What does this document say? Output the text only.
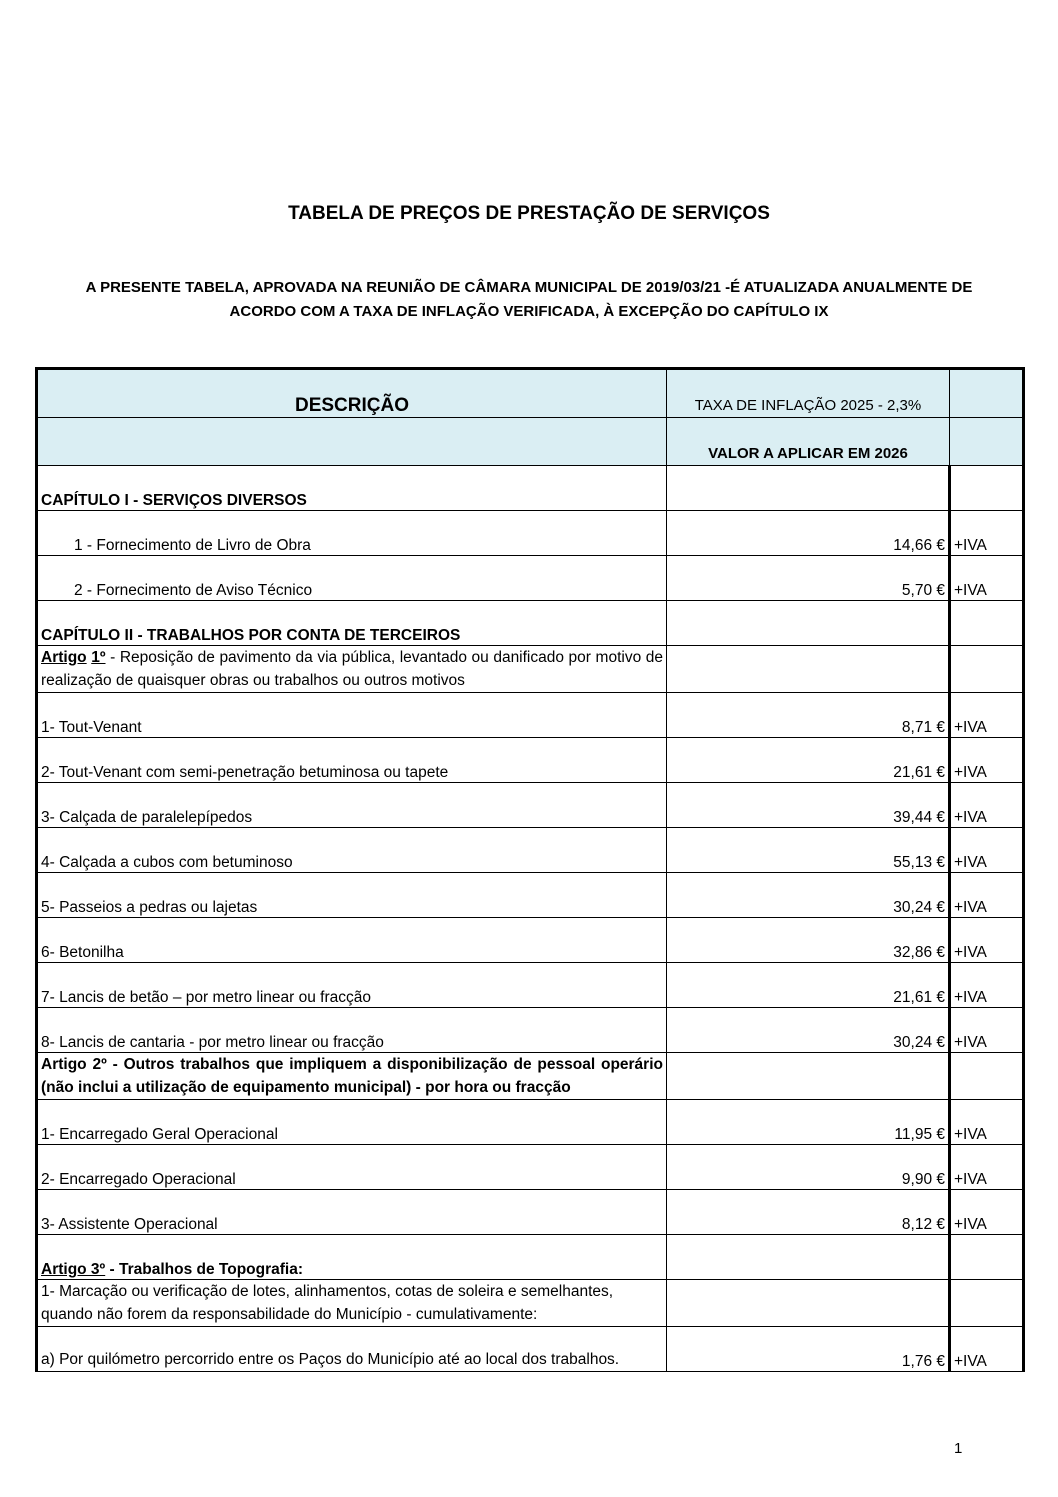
TABELA DE PREÇOS DE PRESTAÇÃO DE SERVIÇOS
A PRESENTE TABELA, APROVADA NA REUNIÃO DE CÂMARA MUNICIPAL DE 2019/03/21 -É ATUALIZADA ANUALMENTE DE
ACORDO COM A TAXA DE INFLAÇÃO VERIFICADA, À EXCEPÇÃO DO CAPÍTULO IX
DESCRIÇÃO	TAXA DE INFLAÇÃO 2025 - 2,3%	
	VALOR A APLICAR EM 2026	
CAPÍTULO I - SERVIÇOS DIVERSOS		
1 - Fornecimento de Livro de Obra	14,66 €	+IVA
2 - Fornecimento de Aviso Técnico	5,70 €	+IVA
CAPÍTULO II - TRABALHOS POR CONTA DE TERCEIROS		
Artigo 1º - Reposição de pavimento da via pública, levantado ou danificado por motivo de realização de quaisquer obras ou trabalhos ou outros motivos		
1- Tout-Venant	8,71 €	+IVA
2- Tout-Venant com semi-penetração betuminosa ou tapete	21,61 €	+IVA
3- Calçada de paralelepípedos	39,44 €	+IVA
4- Calçada a cubos com betuminoso	55,13 €	+IVA
5- Passeios a pedras ou lajetas	30,24 €	+IVA
6- Betonilha	32,86 €	+IVA
7- Lancis de betão – por metro linear ou fracção	21,61 €	+IVA
8- Lancis de cantaria - por metro linear ou fracção	30,24 €	+IVA
Artigo 2º - Outros trabalhos que impliquem a disponibilização de pessoal operário (não inclui a utilização de equipamento municipal) - por hora ou fracção		
1- Encarregado Geral Operacional	11,95 €	+IVA
2- Encarregado Operacional	9,90 €	+IVA
3- Assistente Operacional	8,12 €	+IVA
Artigo 3º - Trabalhos de Topografia:		
1- Marcação ou verificação de lotes, alinhamentos, cotas de soleira e semelhantes, quando não forem da responsabilidade do Município - cumulativamente:		
a) Por quilómetro percorrido entre os Paços do Município até ao local dos trabalhos.	1,76 €	+IVA
1
